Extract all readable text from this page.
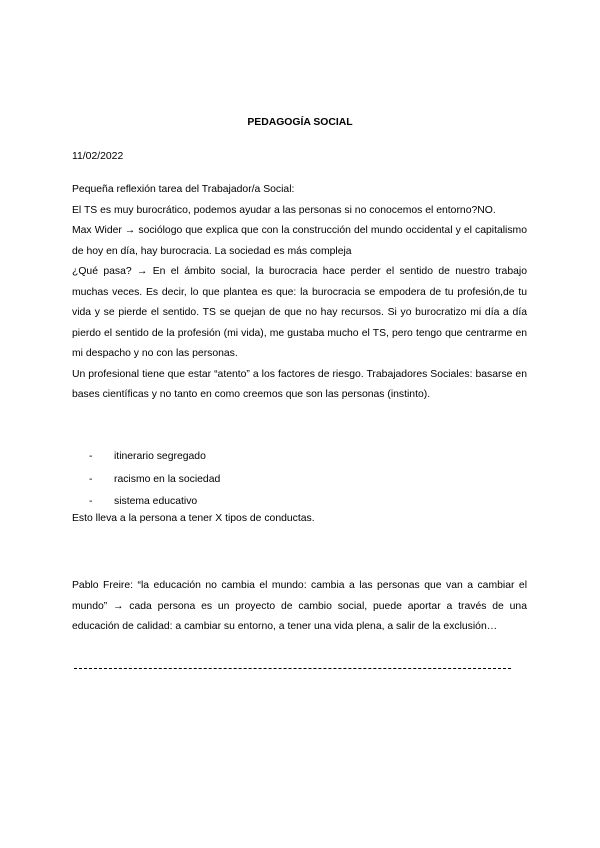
PEDAGOGÍA SOCIAL
11/02/2022

Pequeña reflexión tarea del Trabajador/a Social:

El TS es muy burocrático, podemos ayudar a las personas si no conocemos el entorno?NO.

Max Wider → sociólogo que explica que con la construcción del mundo occidental y el capitalismo de hoy en día, hay burocracia. La sociedad es más compleja

¿Qué pasa? → En el ámbito social, la burocracia hace perder el sentido de nuestro trabajo muchas veces. Es decir, lo que plantea es que: la burocracia se empodera de tu profesión,de tu vida y se pierde el sentido. TS se quejan de que no hay recursos. Si yo burocratizo mi día a día pierdo el sentido de la profesión (mi vida), me gustaba mucho el TS, pero tengo que centrarme en mi despacho y no con las personas.

Un profesional tiene que estar “atento” a los factores de riesgo. Trabajadores Sociales: basarse en bases científicas y no tanto en como creemos que son las personas (instinto).

-	itinerario segregado
-	racismo en la sociedad
-	sistema educativo
Esto lleva a la persona a tener X tipos de conductas.

Pablo Freire: “la educación no cambia el mundo: cambia a las personas que van a cambiar el mundo” → cada persona es un proyecto de cambio social, puede aportar a través de una educación de calidad: a cambiar su entorno, a tener una vida plena, a salir de la exclusión…
